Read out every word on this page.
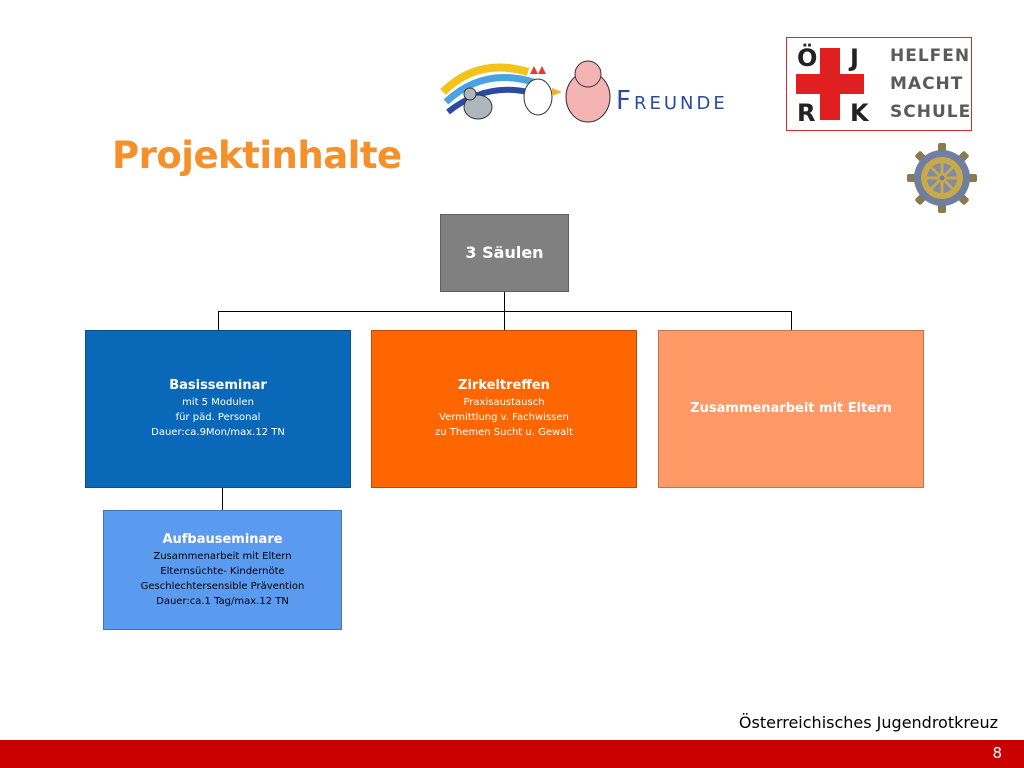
Projektinhalte
Freunde
Ö J
R K
HELFEN
MACHT
SCHULE
3 Säulen
Basisseminar
mit 5 Modulen
für päd. Personal
Dauer:ca.9Mon/max.12 TN
Zirkeltreffen
Praxisaustausch
Vermittlung v. Fachwissen
zu Themen Sucht u. Gewalt
Zusammenarbeit mit Eltern
Aufbauseminare
Zusammenarbeit mit Eltern
Elternsüchte- Kindernöte
Geschlechtersensible Prävention
Dauer:ca.1 Tag/max.12 TN
Österreichisches Jugendrotkreuz
8
